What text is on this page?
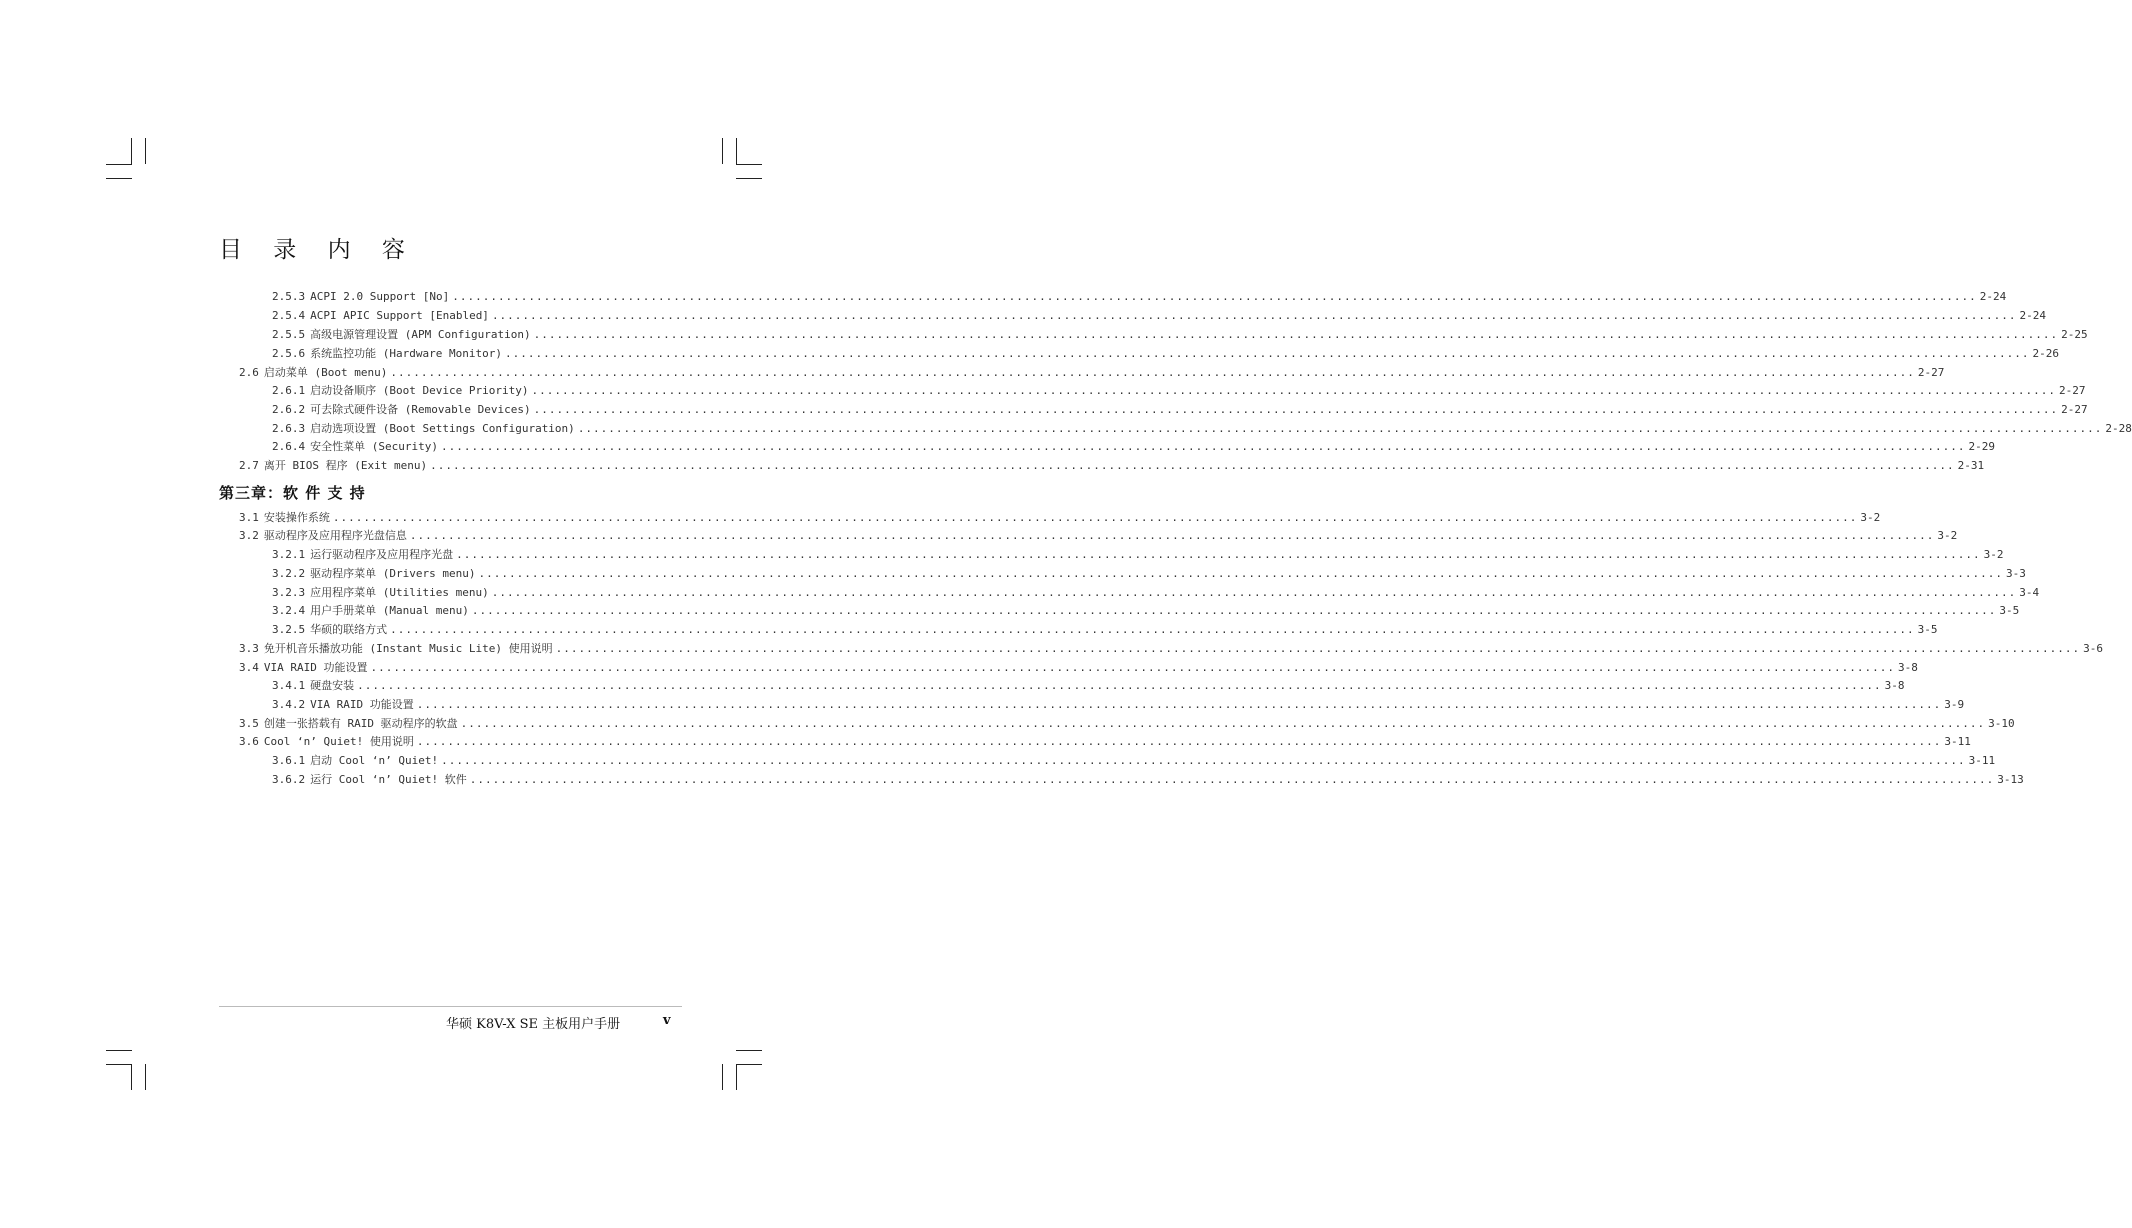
目 录 内 容
第三章：软 件 支 持
2.5.3 ACPI 2.0 Support [No] ........................................................................................................................................................................................................ 2-24
2.5.4 ACPI APIC Support [Enabled] ........................................................................................................................................................................................................ 2-24
2.5.5 高级电源管理设置 (APM Configuration) ........................................................................................................................................................................................................ 2-25
2.5.6 系统监控功能 (Hardware Monitor) ........................................................................................................................................................................................................ 2-26
2.6 启动菜单 (Boot menu) ........................................................................................................................................................................................................ 2-27
2.6.1 启动设备顺序 (Boot Device Priority) ........................................................................................................................................................................................................ 2-27
2.6.2 可去除式硬件设备 (Removable Devices) ........................................................................................................................................................................................................ 2-27
2.6.3 启动选项设置 (Boot Settings Configuration) ........................................................................................................................................................................................................ 2-28
2.6.4 安全性菜单 (Security) ........................................................................................................................................................................................................ 2-29
2.7 离开 BIOS 程序 (Exit menu) ........................................................................................................................................................................................................ 2-31
3.1 安装操作系统 ........................................................................................................................................................................................................ 3-2
3.2 驱动程序及应用程序光盘信息 ........................................................................................................................................................................................................ 3-2
3.2.1 运行驱动程序及应用程序光盘 ........................................................................................................................................................................................................ 3-2
3.2.2 驱动程序菜单 (Drivers menu) ........................................................................................................................................................................................................ 3-3
3.2.3 应用程序菜单 (Utilities menu) ........................................................................................................................................................................................................ 3-4
3.2.4 用户手册菜单 (Manual menu) ........................................................................................................................................................................................................ 3-5
3.2.5 华硕的联络方式 ........................................................................................................................................................................................................ 3-5
3.3 免开机音乐播放功能 (Instant Music Lite) 使用说明 ........................................................................................................................................................................................................ 3-6
3.4 VIA RAID 功能设置 ........................................................................................................................................................................................................ 3-8
3.4.1 硬盘安装 ........................................................................................................................................................................................................ 3-8
3.4.2 VIA RAID 功能设置 ........................................................................................................................................................................................................ 3-9
3.5 创建一张搭载有 RAID 驱动程序的软盘 ........................................................................................................................................................................................................ 3-10
3.6 Cool ‘n’ Quiet! 使用说明 ........................................................................................................................................................................................................ 3-11
3.6.1 启动 Cool ‘n’ Quiet! ........................................................................................................................................................................................................ 3-11
3.6.2 运行 Cool ‘n’ Quiet! 软件 ........................................................................................................................................................................................................ 3-13
华硕 K8V-X SE 主板用户手册	v
